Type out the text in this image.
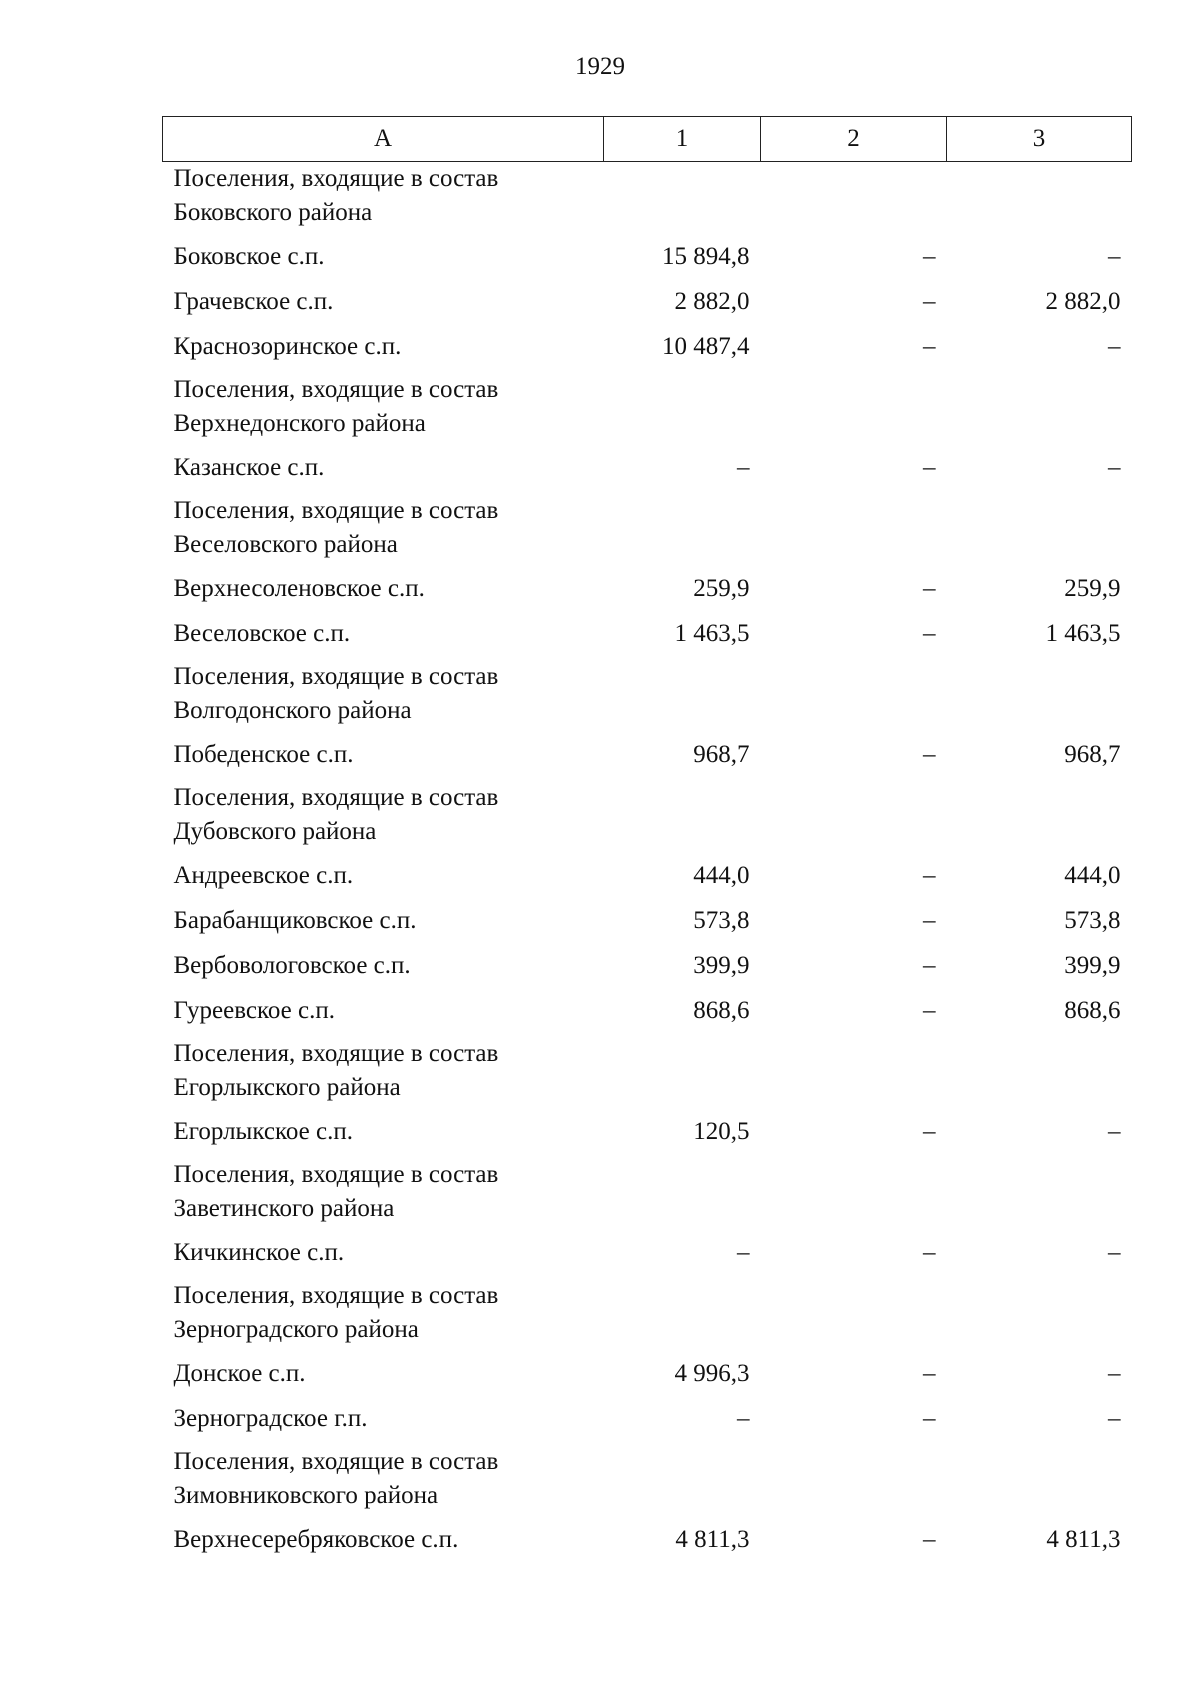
1929
А	1	2	3
Поселения, входящие в состав Боковского района			
Боковское с.п.	15 894,8	–	–
Грачевское с.п.	2 882,0	–	2 882,0
Краснозоринское с.п.	10 487,4	–	–
Поселения, входящие в состав Верхнедонского района			
Казанское с.п.	–	–	–
Поселения, входящие в состав Веселовского района			
Верхнесоленовское с.п.	259,9	–	259,9
Веселовское с.п.	1 463,5	–	1 463,5
Поселения, входящие в состав Волгодонского района			
Победенское с.п.	968,7	–	968,7
Поселения, входящие в состав Дубовского района			
Андреевское с.п.	444,0	–	444,0
Барабанщиковское с.п.	573,8	–	573,8
Вербовологовское с.п.	399,9	–	399,9
Гуреевское с.п.	868,6	–	868,6
Поселения, входящие в состав Егорлыкского района			
Егорлыкское с.п.	120,5	–	–
Поселения, входящие в состав Заветинского района			
Кичкинское с.п.	–	–	–
Поселения, входящие в состав Зерноградского района			
Донское с.п.	4 996,3	–	–
Зерноградское г.п.	–	–	–
Поселения, входящие в состав Зимовниковского района			
Верхнесеребряковское с.п.	4 811,3	–	4 811,3
